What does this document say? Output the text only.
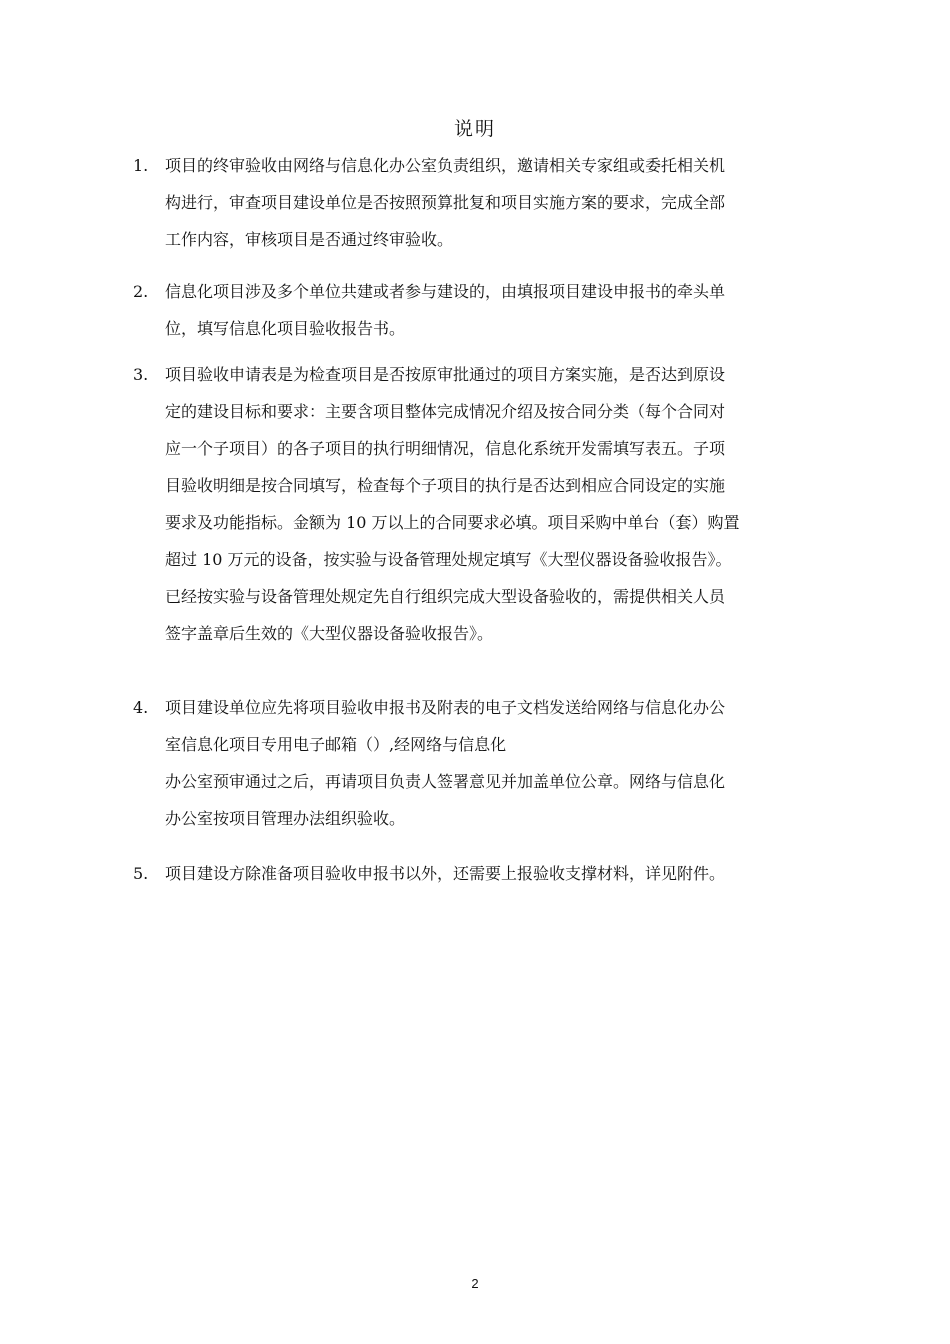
说明
1.	项目的终审验收由网络与信息化办公室负责组织，邀请相关专家组或委托相关机
构进行，审查项目建设单位是否按照预算批复和项目实施方案的要求，完成全部
工作内容，审核项目是否通过终审验收。
2.	信息化项目涉及多个单位共建或者参与建设的，由填报项目建设申报书的牵头单
位，填写信息化项目验收报告书。
3.	项目验收申请表是为检查项目是否按原审批通过的项目方案实施，是否达到原设
定的建设目标和要求：主要含项目整体完成情况介绍及按合同分类（每个合同对
应一个子项目）的各子项目的执行明细情况，信息化系统开发需填写表五。子项
目验收明细是按合同填写，检查每个子项目的执行是否达到相应合同设定的实施
要求及功能指标。金额为 10 万以上的合同要求必填。项目采购中单台（套）购置
超过 10 万元的设备，按实验与设备管理处规定填写《大型仪器设备验收报告》。
已经按实验与设备管理处规定先自行组织完成大型设备验收的，需提供相关人员
签字盖章后生效的《大型仪器设备验收报告》。
4.	项目建设单位应先将项目验收申报书及附表的电子文档发送给网络与信息化办公
室信息化项目专用电子邮箱（）,经网络与信息化
办公室预审通过之后，再请项目负责人签署意见并加盖单位公章。网络与信息化
办公室按项目管理办法组织验收。
5.	项目建设方除准备项目验收申报书以外，还需要上报验收支撑材料，详见附件。
2
